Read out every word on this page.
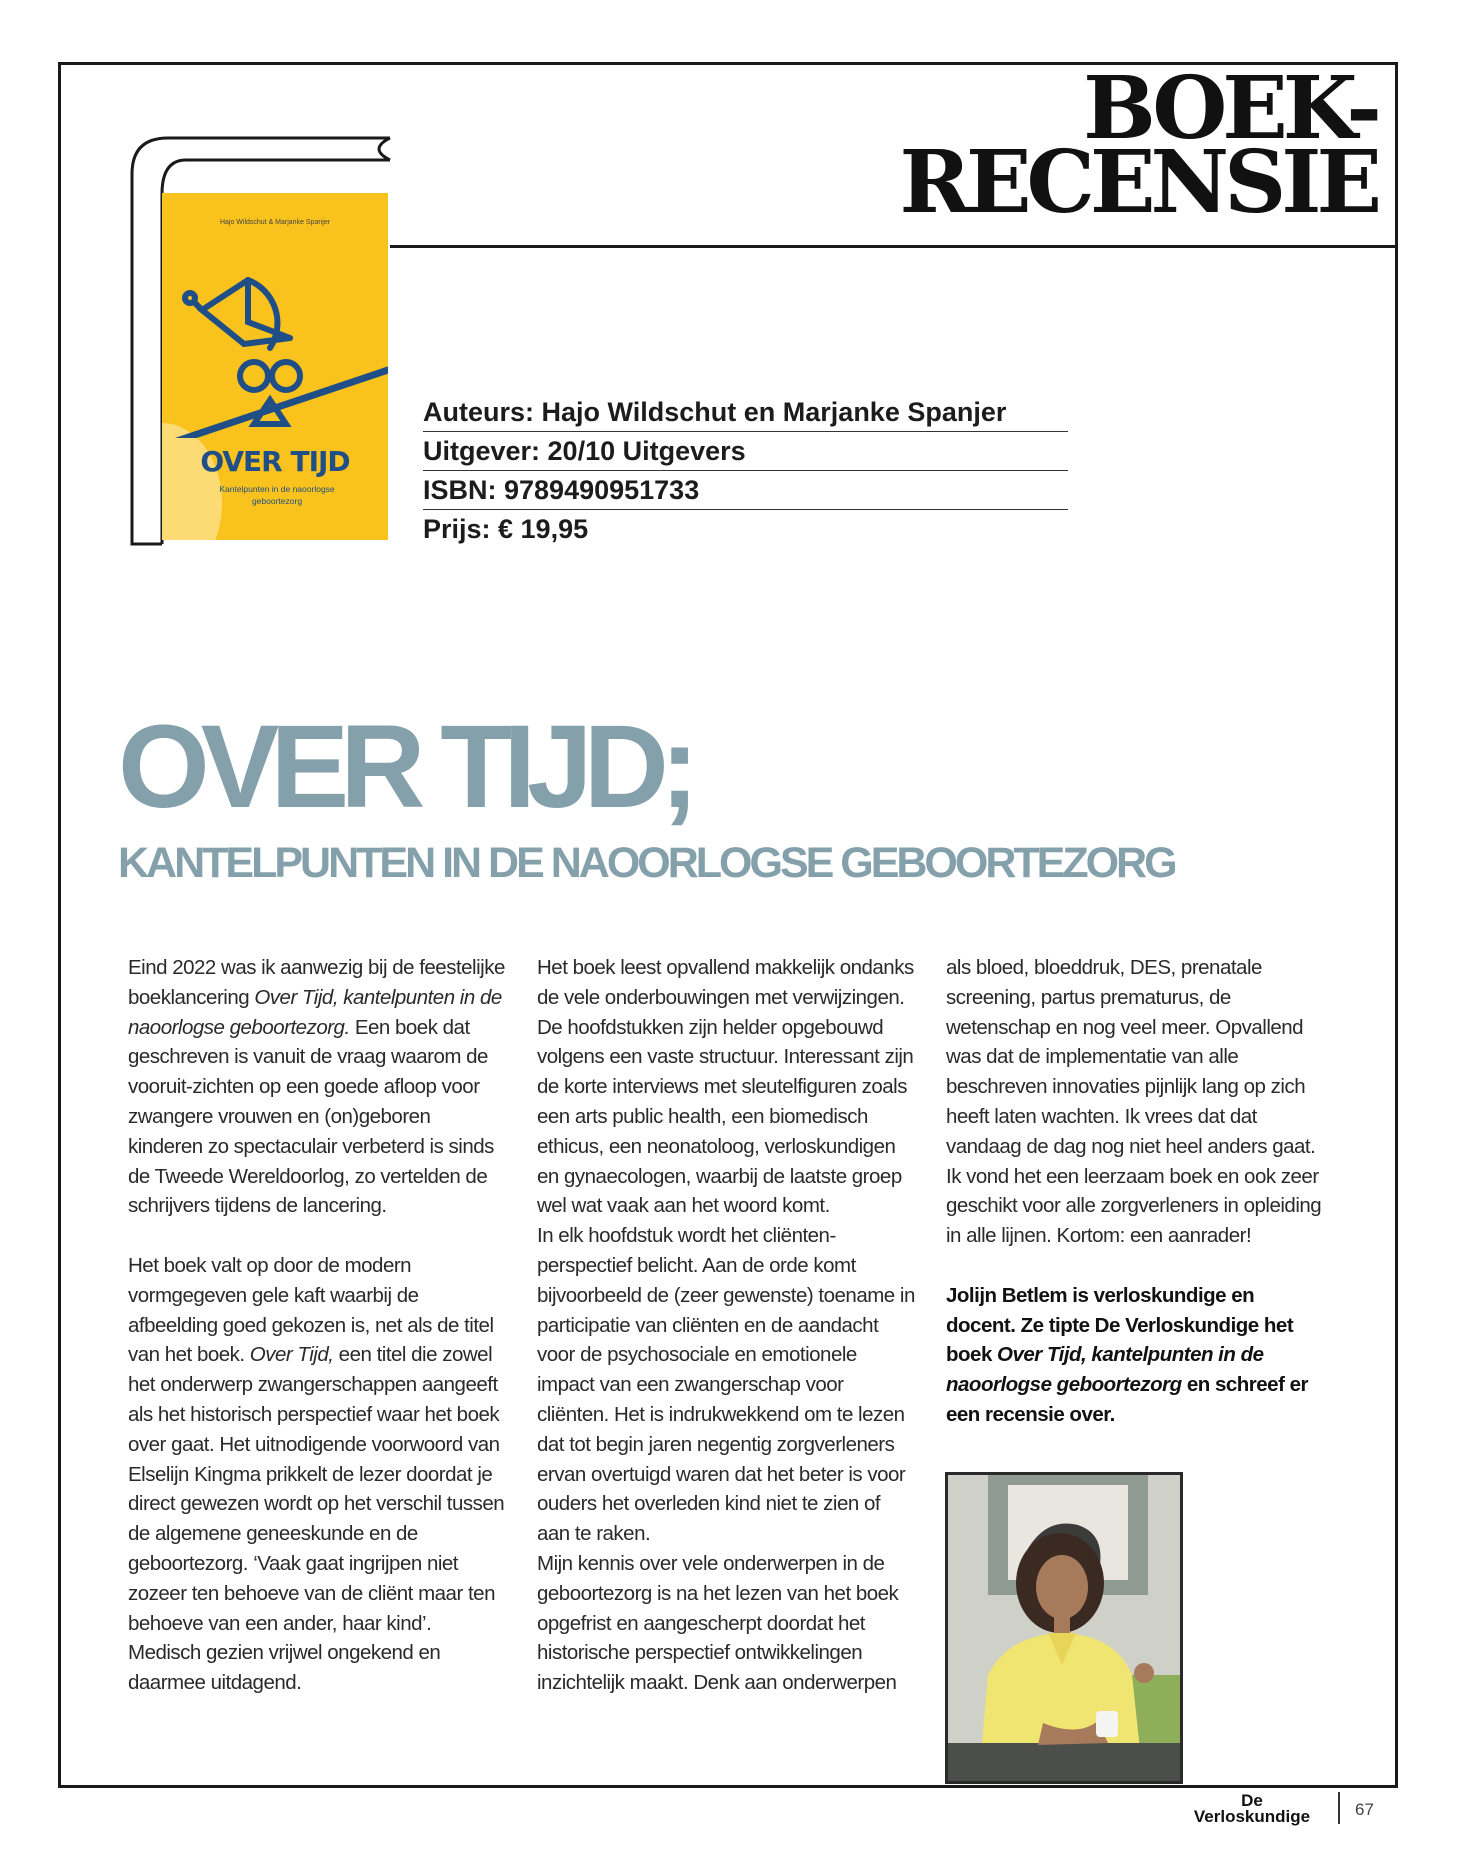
BOEK-
RECENSIE
Hajo Wildschut & Marjanke Spanjer
OVER TIJD
Kantelpunten in de naoorlogse geboortezorg
Auteurs: Hajo Wildschut en Marjanke Spanjer
Uitgever: 20/10 Uitgevers
ISBN: 9789490951733
Prijs: € 19,95
OVER TIJD;
KANTELPUNTEN IN DE NAOORLOGSE GEBOORTEZORG

Eind 2022 was ik aanwezig bij de feestelijke boeklancering Over Tijd, kantelpunten in de naoorlogse geboortezorg. Een boek dat geschreven is vanuit de vraag waarom de vooruit-zichten op een goede afloop voor zwangere vrouwen en (on)geboren kinderen zo spectaculair verbeterd is sinds de Tweede Wereldoorlog, zo vertelden de schrijvers tijdens de lancering.

Het boek valt op door de modern vormgegeven gele kaft waarbij de afbeelding goed gekozen is, net als de titel van het boek. Over Tijd, een titel die zowel het onderwerp zwangerschappen aangeeft als het historisch perspectief waar het boek over gaat. Het uitnodigende voorwoord van Elselijn Kingma prikkelt de lezer doordat je direct gewezen wordt op het verschil tussen de algemene geneeskunde en de geboortezorg. ‘Vaak gaat ingrijpen niet zozeer ten behoeve van de cliënt maar ten behoeve van een ander, haar kind’. Medisch gezien vrijwel ongekend en daarmee uitdagend.

Het boek leest opvallend makkelijk ondanks de vele onderbouwingen met verwijzingen. De hoofdstukken zijn helder opgebouwd volgens een vaste structuur. Interessant zijn de korte interviews met sleutelfiguren zoals een arts public health, een biomedisch ethicus, een neonatoloog, verloskundigen en gynaecologen, waarbij de laatste groep wel wat vaak aan het woord komt.

In elk hoofdstuk wordt het cliënten-perspectief belicht. Aan de orde komt bijvoorbeeld de (zeer gewenste) toename in participatie van cliënten en de aandacht voor de psychosociale en emotionele impact van een zwangerschap voor cliënten. Het is indrukwekkend om te lezen dat tot begin jaren negentig zorgverleners ervan overtuigd waren dat het beter is voor ouders het overleden kind niet te zien of aan te raken.

Mijn kennis over vele onderwerpen in de geboortezorg is na het lezen van het boek opgefrist en aangescherpt doordat het historische perspectief ontwikkelingen inzichtelijk maakt. Denk aan onderwerpen

als bloed, bloeddruk, DES, prenatale screening, partus prematurus, de wetenschap en nog veel meer. Opvallend was dat de implementatie van alle beschreven innovaties pijnlijk lang op zich heeft laten wachten. Ik vrees dat dat vandaag de dag nog niet heel anders gaat. Ik vond het een leerzaam boek en ook zeer geschikt voor alle zorgverleners in opleiding in alle lijnen. Kortom: een aanrader!

Jolijn Betlem is verloskundige en docent. Ze tipte De Verloskundige het boek Over Tijd, kantelpunten in de naoorlogse geboortezorg en schreef er een recensie over.

De
Verloskundige	67
